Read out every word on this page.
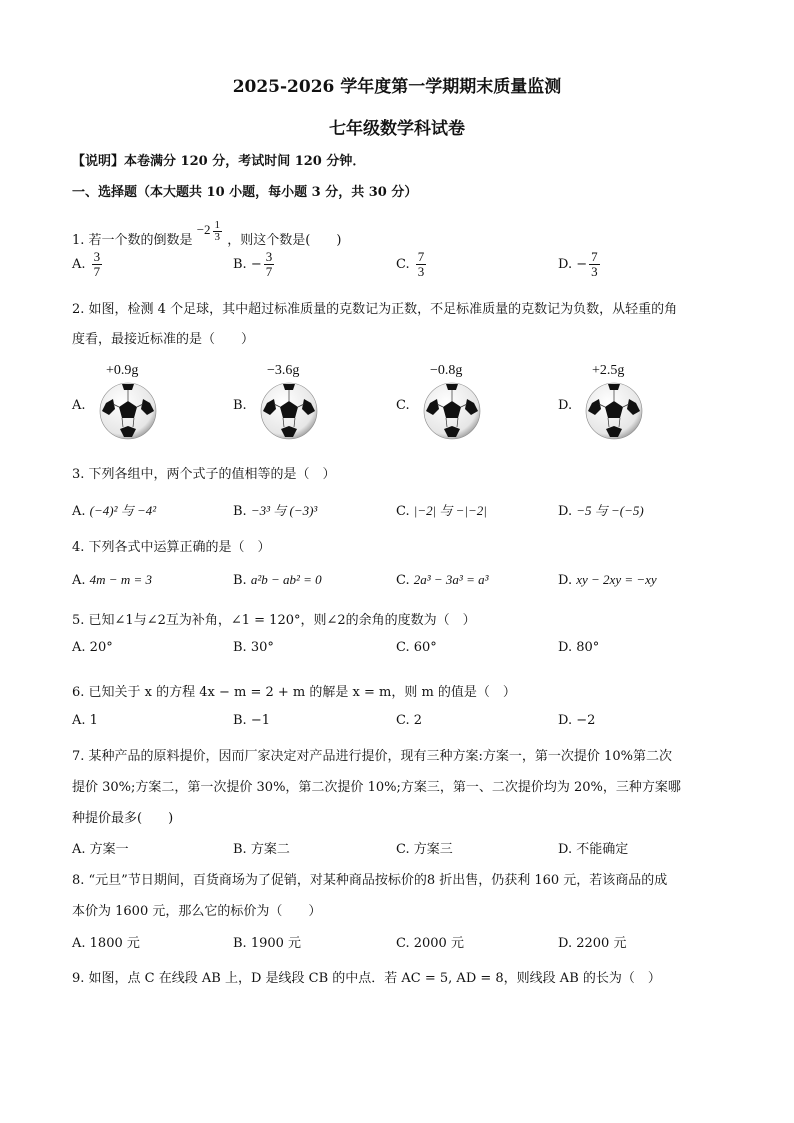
2025-2026 学年度第一学期期末质量监测
七年级数学科试卷
【说明】本卷满分 120 分，考试时间 120 分钟．
一、选择题（本大题共 10 小题，每小题 3 分，共 30 分）
1. 若一个数的倒数是 $-2 \frac{1}{3}$ ，则这个数是(　　)
A. $\frac{3}{7}$	B. − $\frac{3}{7}$	C. $\frac{7}{3}$	D. − $\frac{7}{3}$
2. 如图，检测 4 个足球，其中超过标准质量的克数记为正数，不足标准质量的克数记为负数，从轻重的角
度看，最接近标准的是（　　）
A.
+0.9g
B.
−3.6g
C.
−0.8g
D.
+2.5g
3. 下列各组中，两个式子的值相等的是（　）
A. (−4)² 与 −4²	B. −3³ 与 (−3)³	C. |−2| 与 −|−2|	D. −5 与 −(−5)
4. 下列各式中运算正确的是（　）
A. 4m − m = 3	B. a²b − ab² = 0	C. 2a³ − 3a³ = a³	D. xy − 2xy = −xy
5. 已知∠1与∠2互为补角，∠1 = 120°，则∠2的余角的度数为（　）
A. 20°	B. 30°	C. 60°	D. 80°
6. 已知关于 x 的方程 4x − m = 2 + m 的解是 x = m，则 m 的值是（　）
A. 1	B. −1	C. 2	D. −2
7. 某种产品的原料提价，因而厂家决定对产品进行提价，现有三种方案:方案一，第一次提价 10%第二次
提价 30%;方案二，第一次提价 30%，第二次提价 10%;方案三，第一、二次提价均为 20%，三种方案哪
种提价最多(　　)
A. 方案一	B. 方案二	C. 方案三	D. 不能确定
8. “元旦”节日期间，百货商场为了促销，对某种商品按标价的8 折出售，仍获利 160 元，若该商品的成
本价为 1600 元，那么它的标价为（　　）
A. 1800 元	B. 1900 元	C. 2000 元	D. 2200 元
9. 如图，点 C 在线段 AB 上，D 是线段 CB 的中点．若 AC = 5, AD = 8，则线段 AB 的长为（　）
